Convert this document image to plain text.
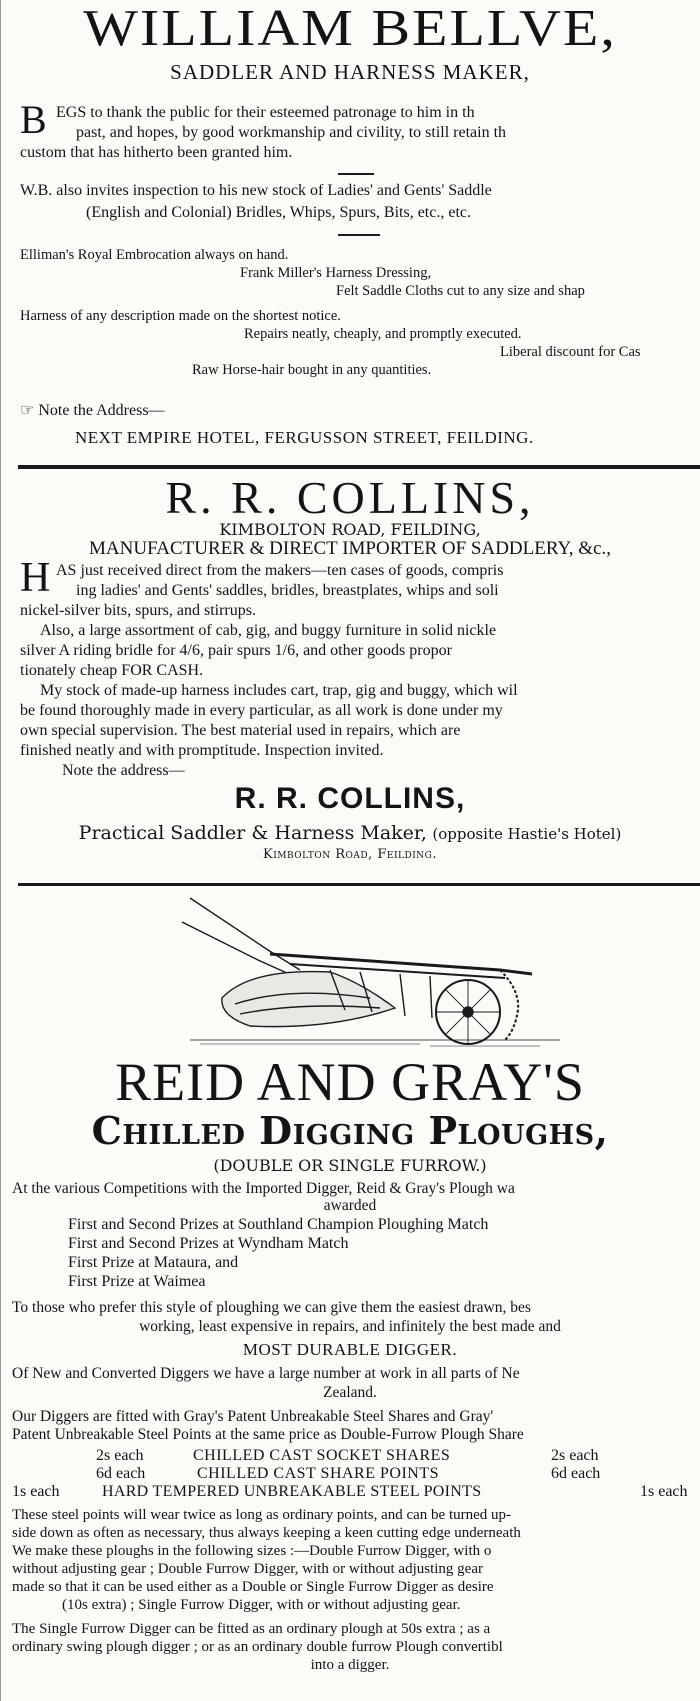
WILLIAM BELLVE,
SADDLER AND HARNESS MAKER,
B EGS to thank the public for their esteemed patronage to him in th
past, and hopes, by good workmanship and civility, to still retain th
custom that has hitherto been granted him.
W.B. also invites inspection to his new stock of Ladies' and Gents' Saddle
(English and Colonial) Bridles, Whips, Spurs, Bits, etc., etc.
Elliman's Royal Embrocation always on hand.
Frank Miller's Harness Dressing,
Felt Saddle Cloths cut to any size and shap
Harness of any description made on the shortest notice.
Repairs neatly, cheaply, and promptly executed.
Liberal discount for Cas
Raw Horse-hair bought in any quantities.
☞ Note the Address—
NEXT EMPIRE HOTEL, FERGUSSON STREET, FEILDING.
R. R. COLLINS,
KIMBOLTON ROAD, FEILDING,
MANUFACTURER & DIRECT IMPORTER OF SADDLERY, &c.,
H AS just received direct from the makers—ten cases of goods, compris
ing ladies' and Gents' saddles, bridles, breastplates, whips and soli
nickel-silver bits, spurs, and stirrups.
Also, a large assortment of cab, gig, and buggy furniture in solid nickle
silver A riding bridle for 4/6, pair spurs 1/6, and other goods propor
tionately cheap FOR CASH.
My stock of made-up harness includes cart, trap, gig and buggy, which wil
be found thoroughly made in every particular, as all work is done under my
own special supervision. The best material used in repairs, which are
finished neatly and with promptitude. Inspection invited.
Note the address—
R. R. COLLINS,
Practical Saddler & Harness Maker, (opposite Hastie's Hotel)
Kimbolton Road, Feilding.
REID AND GRAY'S
Chilled Digging Ploughs,
(DOUBLE OR SINGLE FURROW.)
At the various Competitions with the Imported Digger, Reid & Gray's Plough wa
awarded
First and Second Prizes at Southland Champion Ploughing Match
First and Second Prizes at Wyndham Match
First Prize at Mataura, and
First Prize at Waimea
To those who prefer this style of ploughing we can give them the easiest drawn, bes
working, least expensive in repairs, and infinitely the best made and
MOST DURABLE DIGGER.
Of New and Converted Diggers we have a large number at work in all parts of Ne
Zealand.
Our Diggers are fitted with Gray's Patent Unbreakable Steel Shares and Gray'
Patent Unbreakable Steel Points at the same price as Double-Furrow Plough Share
2s each	CHILLED CAST SOCKET SHARES	2s each
6d each	CHILLED CAST SHARE POINTS	6d each
1s each	HARD TEMPERED UNBREAKABLE STEEL POINTS	1s each
These steel points will wear twice as long as ordinary points, and can be turned up-
side down as often as necessary, thus always keeping a keen cutting edge underneath
We make these ploughs in the following sizes :—Double Furrow Digger, with o
without adjusting gear ; Double Furrow Digger, with or without adjusting gear
made so that it can be used either as a Double or Single Furrow Digger as desire
(10s extra) ; Single Furrow Digger, with or without adjusting gear.
The Single Furrow Digger can be fitted as an ordinary plough at 50s extra ; as a
ordinary swing plough digger ; or as an ordinary double furrow Plough convertibl
into a digger.
